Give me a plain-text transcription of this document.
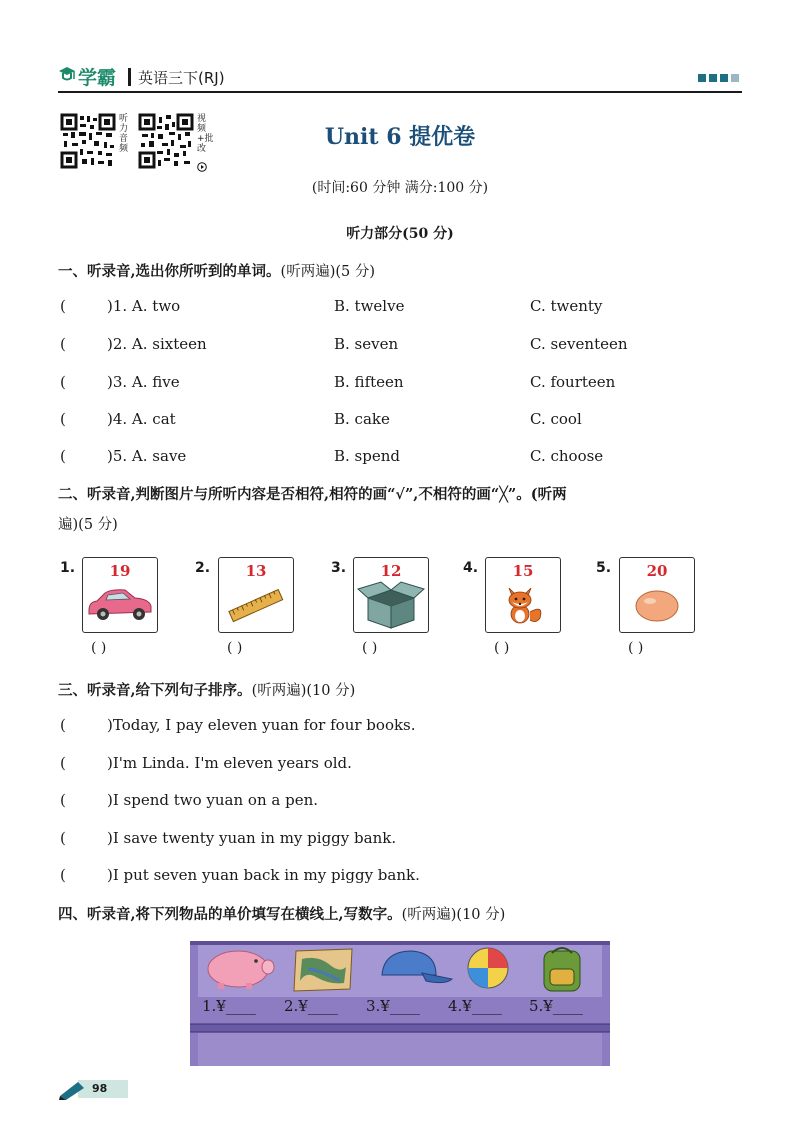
学霸 英语三下(RJ)
听力音频
视频+批改	Unit 6 提优卷
(时间:60 分钟 满分:100 分)
听力部分(50 分)
一、听录音,选出你所听到的单词。(听两遍)(5 分)
(	)1. A. two	B. twelve	C. twenty
(	)2. A. sixteen	B. seven	C. seventeen
(	)3. A. five	B. fifteen	C. fourteen
(	)4. A. cat	B. cake	C. cool
(	)5. A. save	B. spend	C. choose
二、听录音,判断图片与所听内容是否相符,相符的画“√”,不相符的画“╳”。(听两
遍)(5 分)
1.	19
( )
2.	13
( )
3.	12
( )
4.	15
( )
5.	20
( )
三、听录音,给下列句子排序。(听两遍)(10 分)
(	)Today, I pay eleven yuan for four books.
(	)I'm Linda. I'm eleven years old.
(	)I spend two yuan on a pen.
(	)I save twenty yuan in my piggy bank.
(	)I put seven yuan back in my piggy bank.
四、听录音,将下列物品的单价填写在横线上,写数字。(听两遍)(10 分)
1.¥____ 2.¥____ 3.¥____ 4.¥____ 5.¥____
98
